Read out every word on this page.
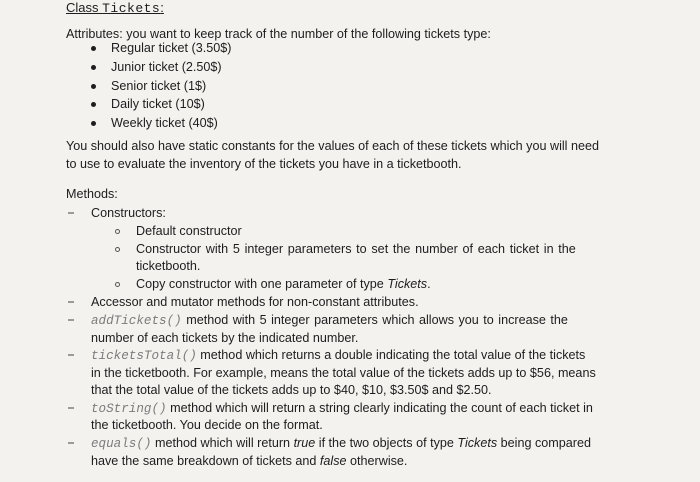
Class Tickets:
Attributes: you want to keep track of the number of the following tickets type:
Regular ticket (3.50$)
Junior ticket (2.50$)
Senior ticket (1$)
Daily ticket (10$)
Weekly ticket (40$)
You should also have static constants for the values of each of these tickets which you will need
to use to evaluate the inventory of the tickets you have in a ticketbooth.
Methods:
Constructors:
Default constructor
Constructor with 5 integer parameters to set the number of each ticket in the
ticketbooth.
Copy constructor with one parameter of type Tickets.
Accessor and mutator methods for non-constant attributes.
addTickets() method with 5 integer parameters which allows you to increase the
number of each tickets by the indicated number.
ticketsTotal() method which returns a double indicating the total value of the tickets
in the ticketbooth. For example, means the total value of the tickets adds up to $56, means
that the total value of the tickets adds up to $40, $10, $3.50$ and $2.50.
toString() method which will return a string clearly indicating the count of each ticket in
the ticketbooth. You decide on the format.
equals() method which will return true if the two objects of type Tickets being compared
have the same breakdown of tickets and false otherwise.
